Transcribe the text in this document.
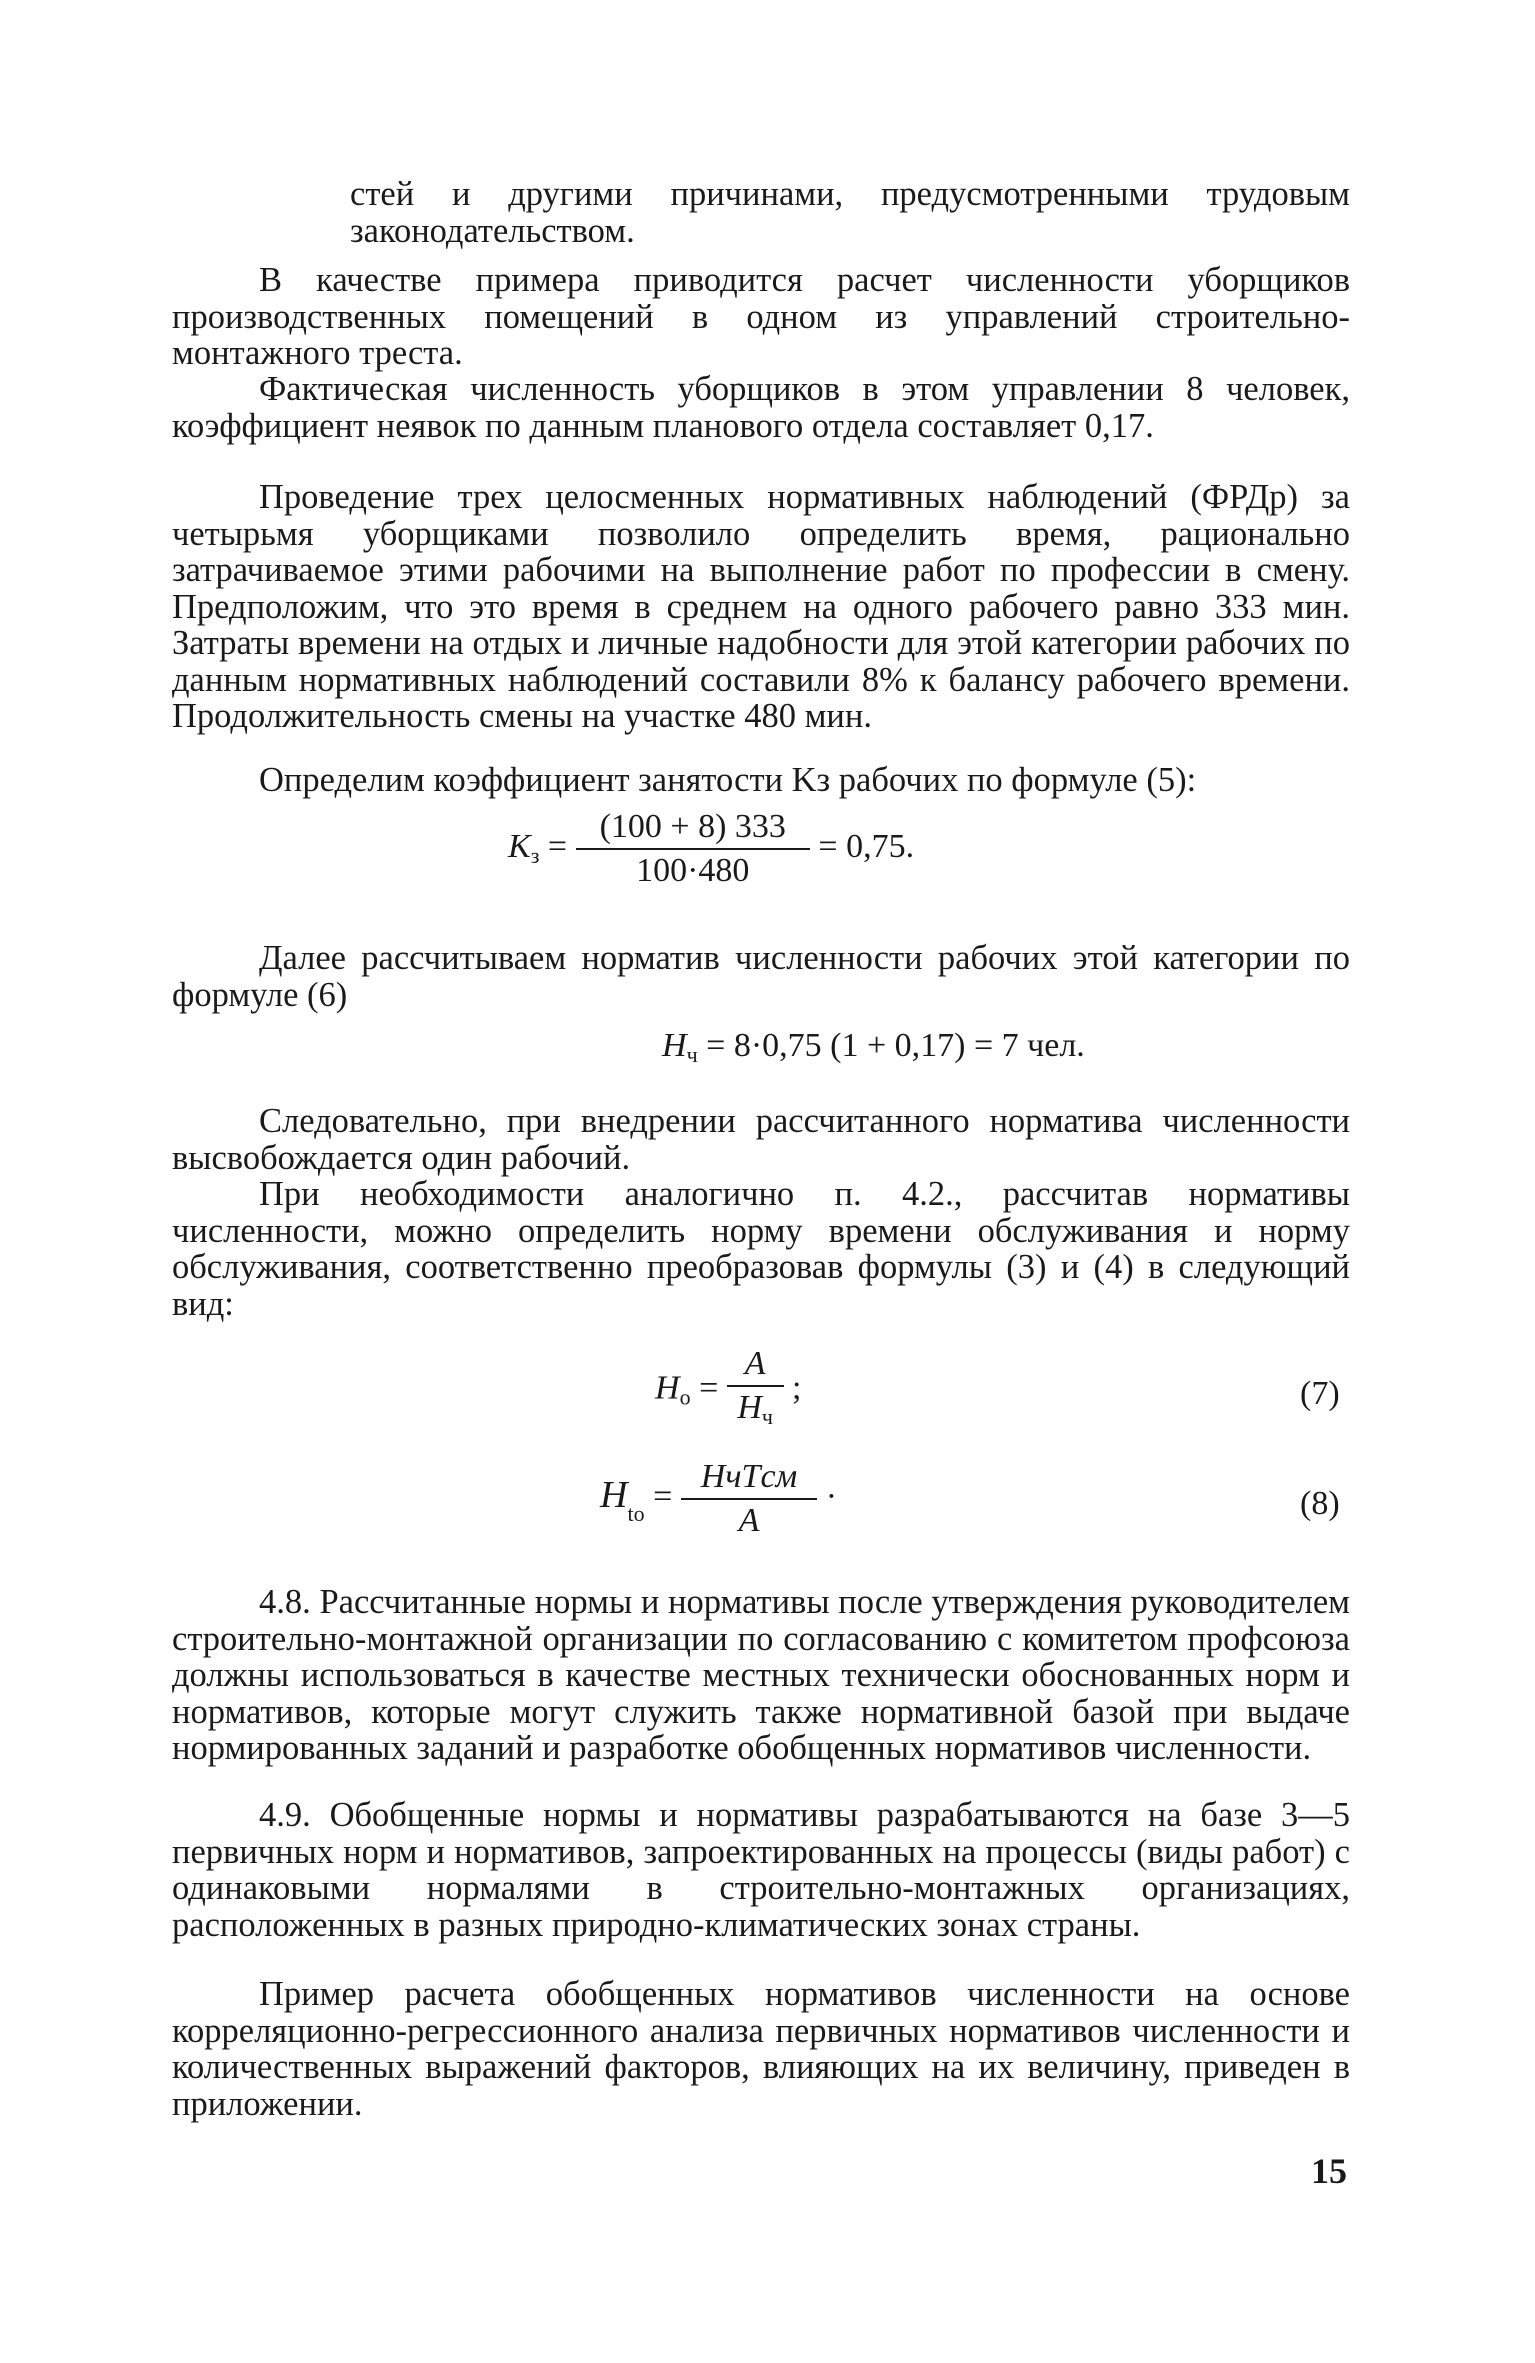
стей и другими причинами, предусмотренными трудовым законодательством.

В качестве примера приводится расчет численности уборщиков производственных помещений в одном из управлений строительно-монтажного треста.

Фактическая численность уборщиков в этом управлении 8 человек, коэффициент неявок по данным планового отдела составляет 0,17.

Проведение трех целосменных нормативных наблюдений (ФРДр) за четырьмя уборщиками позволило определить время, рационально затрачиваемое этими рабочими на выполнение работ по профессии в смену. Предположим, что это время в среднем на одного рабочего равно 333 мин. Затраты времени на отдых и личные надобности для этой категории рабочих по данным нормативных наблюдений составили 8% к балансу рабочего времени. Продолжительность смены на участке 480 мин.

Определим коэффициент занятости Kз рабочих по формуле (5):

$K_з = \frac{(100 + 8) 333}{100\cdot 480} = 0,75$.

Далее рассчитываем норматив численности рабочих этой категории по формуле (6)

$H_ч = 8\cdot 0,75$ (1 + 0,17) = 7 чел.

Следовательно, при внедрении рассчитанного норматива численности высвобождается один рабочий.

При необходимости аналогично п. 4.2., рассчитав нормативы численности, можно определить норму времени обслуживания и норму обслуживания, соответственно преобразовав формулы (3) и (4) в следующий вид:

$H_о = \frac{A}{H_ч}$ ;	(7)
$H_{tо} = \frac{\text{HчTсм}}{A}$ ·	(8)

4.8. Рассчитанные нормы и нормативы после утверждения руководителем строительно-монтажной организации по согласованию с комитетом профсоюза должны использоваться в качестве местных технически обоснованных норм и нормативов, которые могут служить также нормативной базой при выдаче нормированных заданий и разработке обобщенных нормативов численности.

4.9. Обобщенные нормы и нормативы разрабатываются на базе 3—5 первичных норм и нормативов, запроектированных на процессы (виды работ) с одинаковыми нормалями в строительно-монтажных организациях, расположенных в разных природно-климатических зонах страны.

Пример расчета обобщенных нормативов численности на основе корреляционно-регрессионного анализа первичных нормативов численности и количественных выражений факторов, влияющих на их величину, приведен в приложении.

15
